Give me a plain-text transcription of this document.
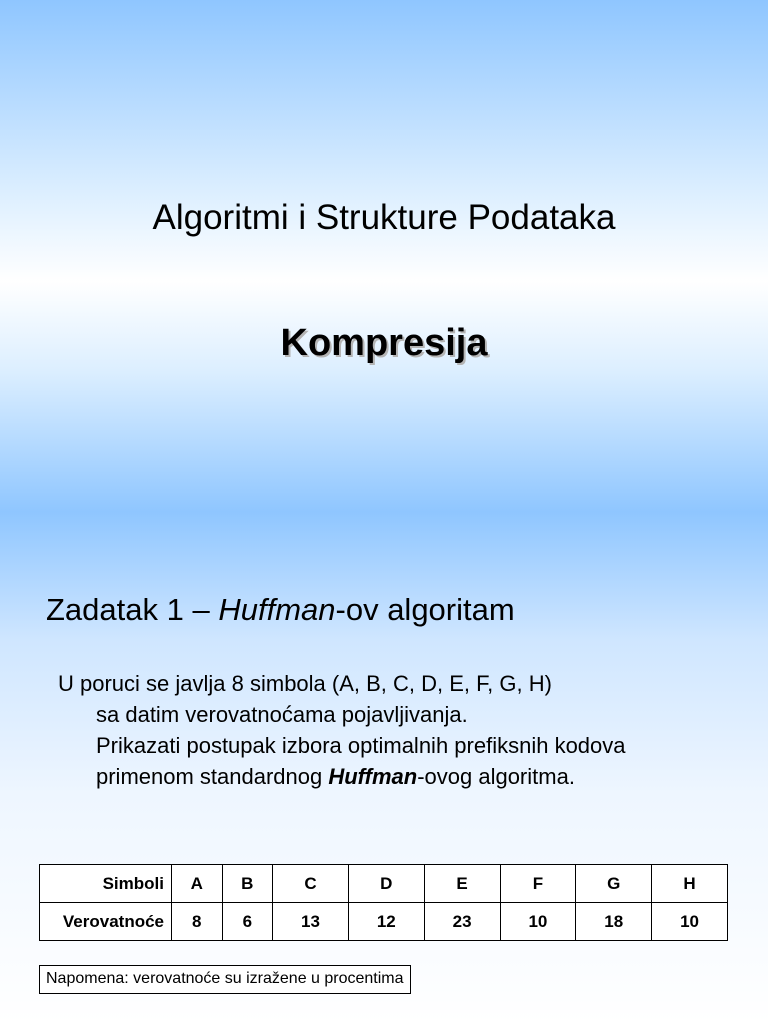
Algoritmi i Strukture Podataka
Kompresija
Zadatak 1 – Huffman-ov algoritam
U poruci se javlja 8 simbola (A, B, C, D, E, F, G, H)
sa datim verovatnoćama pojavljivanja.
Prikazati postupak izbora optimalnih prefiksnih kodova
primenom standardnog Huffman-ovog algoritma.
Simboli	A	B	C	D	E	F	G	H
Verovatnoće	8	6	13	12	23	10	18	10
Napomena: verovatnoće su izražene u procentima
